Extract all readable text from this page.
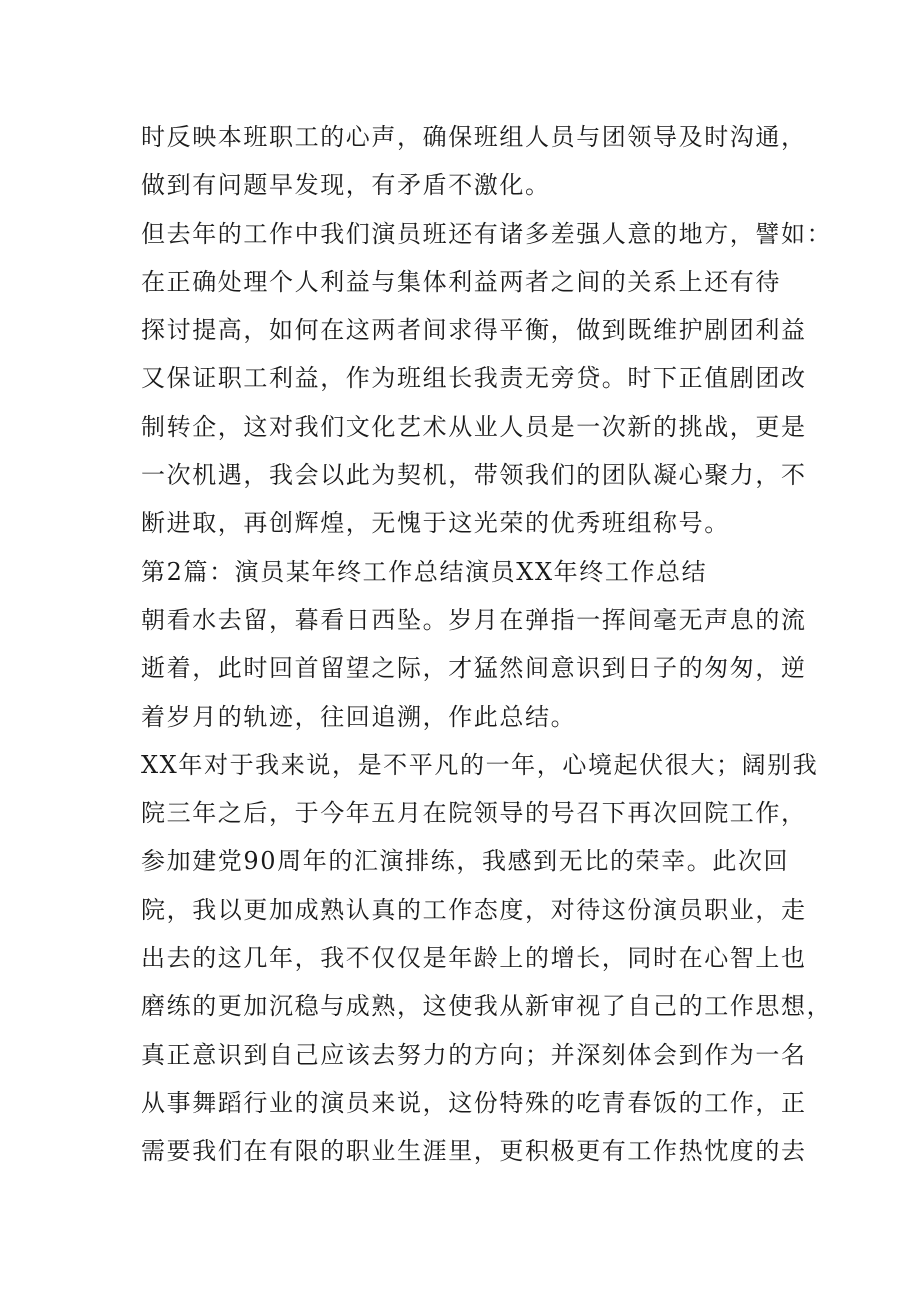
时反映本班职工的心声，确保班组人员与团领导及时沟通，
做到有问题早发现，有矛盾不激化。
但去年的工作中我们演员班还有诸多差强人意的地方，譬如：
在正确处理个人利益与集体利益两者之间的关系上还有待
探讨提高，如何在这两者间求得平衡，做到既维护剧团利益
又保证职工利益，作为班组长我责无旁贷。时下正值剧团改
制转企，这对我们文化艺术从业人员是一次新的挑战，更是
一次机遇，我会以此为契机，带领我们的团队凝心聚力，不
断进取，再创辉煌，无愧于这光荣的优秀班组称号。
第2篇：演员某年终工作总结演员XX年终工作总结
朝看水去留，暮看日西坠。岁月在弹指一挥间毫无声息的流
逝着，此时回首留望之际，才猛然间意识到日子的匆匆，逆
着岁月的轨迹，往回追溯，作此总结。
XX年对于我来说，是不平凡的一年，心境起伏很大；阔别我
院三年之后，于今年五月在院领导的号召下再次回院工作，
参加建党90周年的汇演排练，我感到无比的荣幸。此次回
院，我以更加成熟认真的工作态度，对待这份演员职业，走
出去的这几年，我不仅仅是年龄上的增长，同时在心智上也
磨练的更加沉稳与成熟，这使我从新审视了自己的工作思想，
真正意识到自己应该去努力的方向；并深刻体会到作为一名
从事舞蹈行业的演员来说，这份特殊的吃青春饭的工作，正
需要我们在有限的职业生涯里，更积极更有工作热忱度的去
